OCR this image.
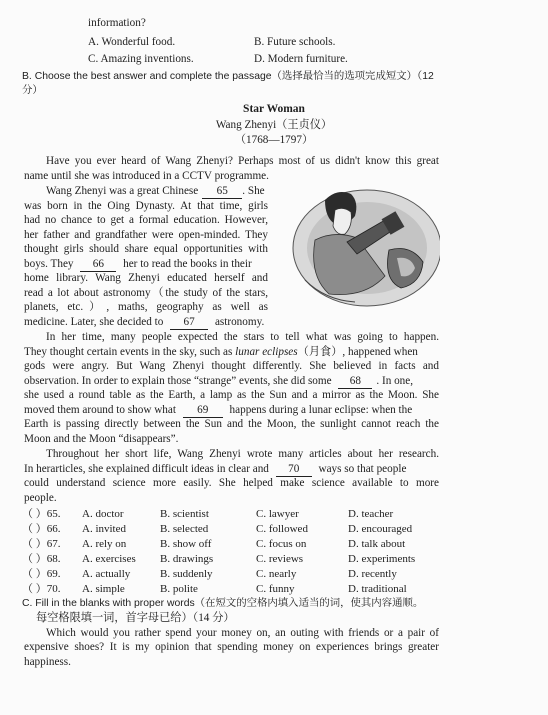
information?
A. Wonderful food.	B. Future schools.
C. Amazing inventions.	D. Modern furniture.
B. Choose the best answer and complete the passage（选择最恰当的选项完成短文）（12
分）
Star Woman
Wang Zhenyi（王贞仪）
（1768—1797）
Have you ever heard of Wang Zhenyi? Perhaps most of us didn't know this great
name until she was introduced in a CCTV programme.
Wang Zhenyi was a great Chinese 65 . She
was born in the Oing Dynasty. At that time, girls
had no chance to get a formal education. However,
her father and grandfather were open-minded. They
thought girls should share equal opportunities with
boys. They 66 her to read the books in their
home library. Wang Zhenyi educated herself and
read a lot about astronomy（the study of the stars,
planets, etc.）, maths, geography as well as
medicine. Later, she decided to 67 astronomy.
In her time, many people expected the stars to tell what was going to happen.
They thought certain events in the sky, such as lunar eclipses（月食）, happened when
gods were angry. But Wang Zhenyi thought differently. She believed in facts and
observation. In order to explain those “strange” events, she did some 68 . In one,
she used a round table as the Earth, a lamp as the Sun and a mirror as the Moon. She
moved them around to show what 69 happens during a lunar eclipse: when the
Earth is passing directly between the Sun and the Moon, the sunlight cannot reach the
Moon and the Moon “disappears”.
Throughout her short life, Wang Zhenyi wrote many articles about her research.
In herarticles, she explained difficult ideas in clear and 70 ways so that people
could understand science more easily. She helped make science available to more
people.
（ ）65. A. doctor	B. scientist	C. lawyer	D. teacher
（ ）66. A. invited	B. selected	C. followed	D. encouraged
（ ）67. A. rely on	B. show off	C. focus on	D. talk about
（ ）68. A. exercises B. drawings	C. reviews	D. experiments
（ ）69. A. actually	B. suddenly	C. nearly	D. recently
（ ）70. A. simple	B. polite	C. funny	D. traditional
C. Fill in the blanks with proper words（在短文的空格内填入适当的词，使其内容通顺。
每空格限填一词，首字母已给）（14 分）
Which would you rather spend your money on, an outing with friends or a pair of
expensive shoes? It is my opinion that spending money on experiences brings greater
happiness.
